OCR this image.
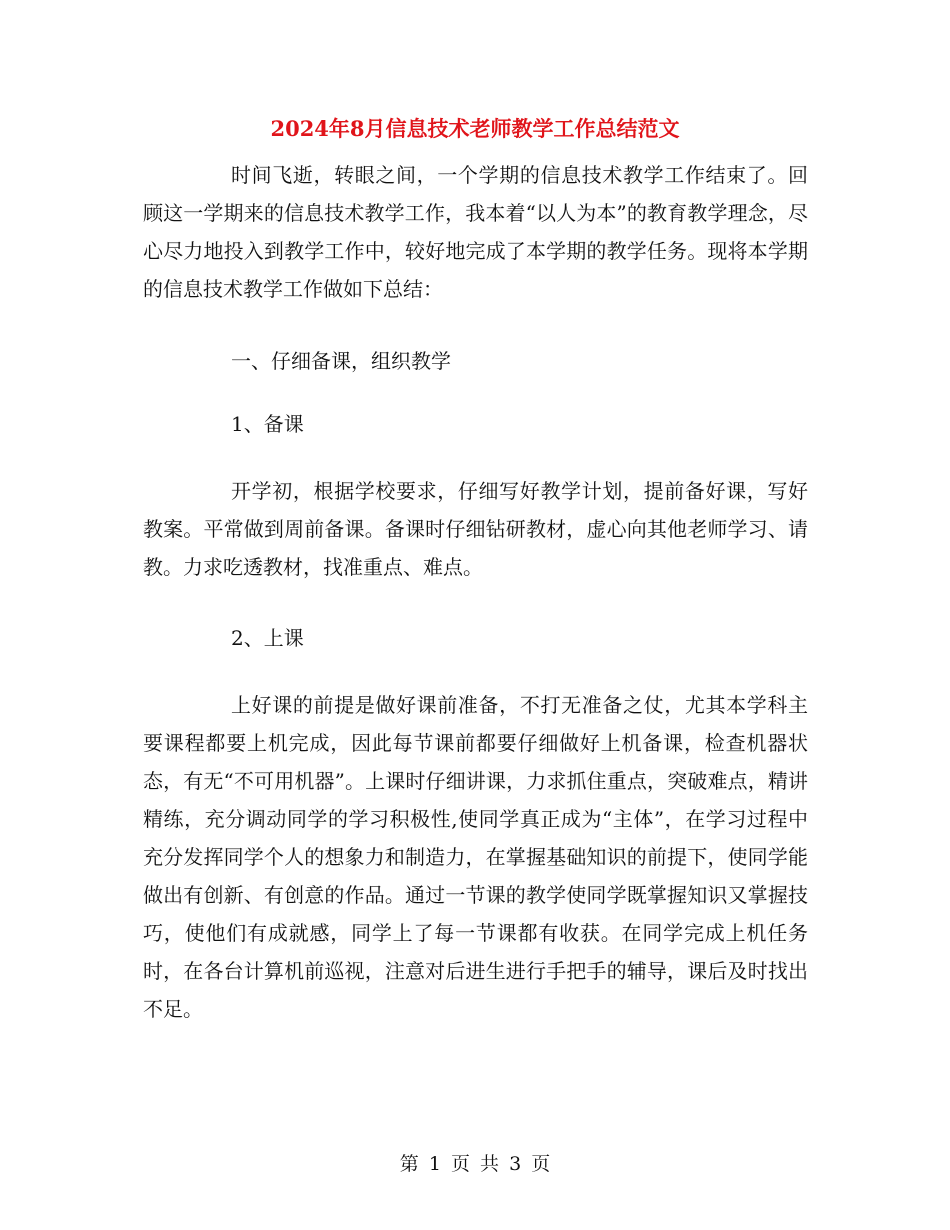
2024年8月信息技术老师教学工作总结范文

时间飞逝，转眼之间，一个学期的信息技术教学工作结束了。回顾这一学期来的信息技术教学工作，我本着“以人为本”的教育教学理念，尽心尽力地投入到教学工作中，较好地完成了本学期的教学任务。现将本学期的信息技术教学工作做如下总结：

一、仔细备课，组织教学

1、备课

开学初，根据学校要求，仔细写好教学计划，提前备好课，写好教案。平常做到周前备课。备课时仔细钻研教材，虚心向其他老师学习、请教。力求吃透教材，找准重点、难点。

2、上课

上好课的前提是做好课前准备，不打无准备之仗，尤其本学科主要课程都要上机完成，因此每节课前都要仔细做好上机备课，检查机器状态，有无“不可用机器”。上课时仔细讲课，力求抓住重点，突破难点，精讲精练，充分调动同学的学习积极性,使同学真正成为“主体”，在学习过程中充分发挥同学个人的想象力和制造力，在掌握基础知识的前提下，使同学能做出有创新、有创意的作品。通过一节课的教学使同学既掌握知识又掌握技巧，使他们有成就感，同学上了每一节课都有收获。在同学完成上机任务时，在各台计算机前巡视，注意对后进生进行手把手的辅导，课后及时找出不足。

第 1 页 共 3 页
